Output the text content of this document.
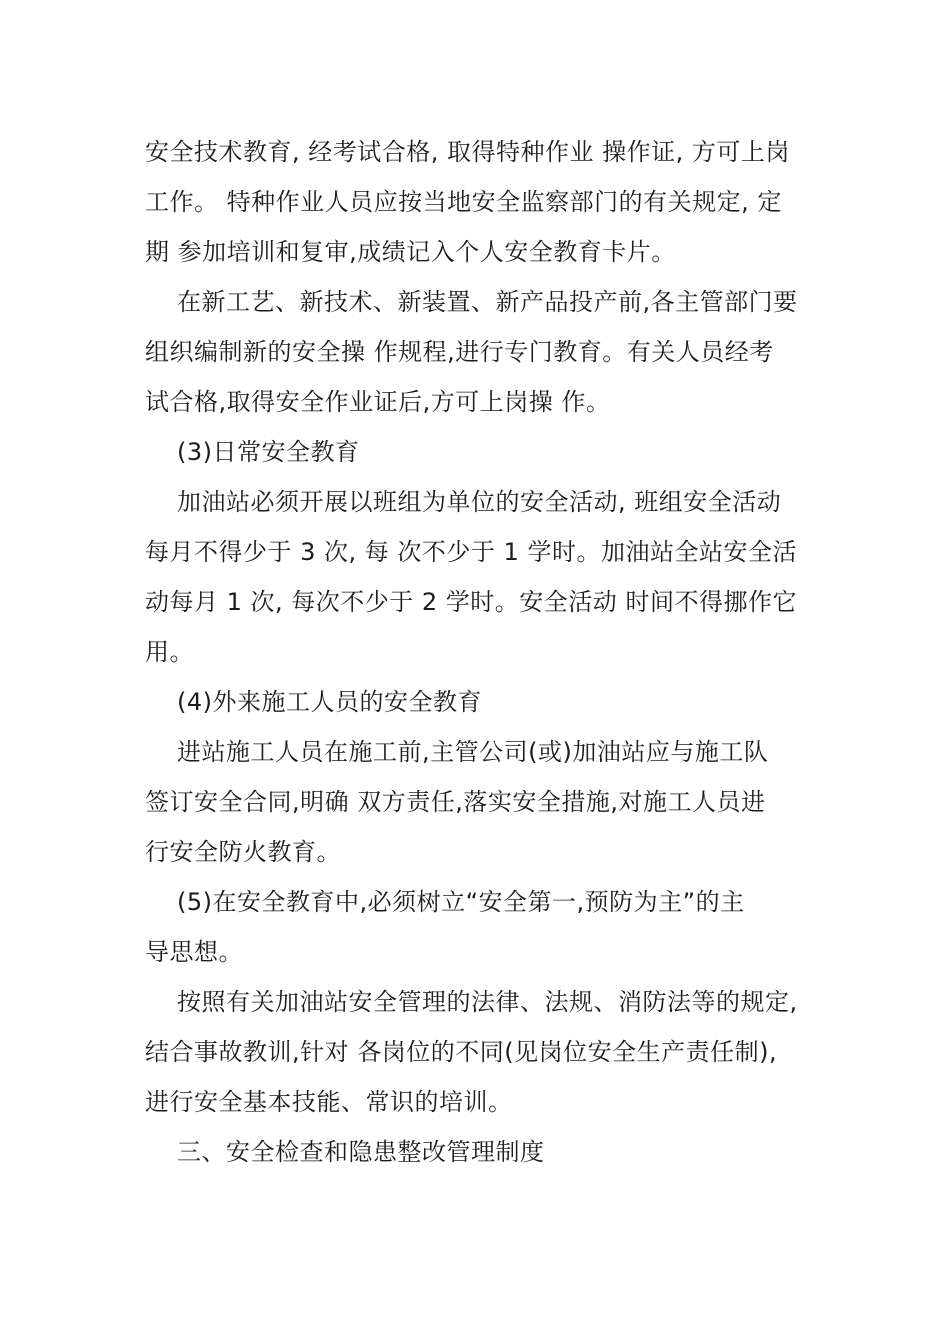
安全技术教育, 经考试合格, 取得特种作业 操作证, 方可上岗
工作。 特种作业人员应按当地安全监察部门的有关规定, 定
期 参加培训和复审,成绩记入个人安全教育卡片。
在新工艺、新技术、新装置、新产品投产前,各主管部门要
组织编制新的安全操 作规程,进行专门教育。有关人员经考
试合格,取得安全作业证后,方可上岗操 作。
(3)日常安全教育
加油站必须开展以班组为单位的安全活动, 班组安全活动
每月不得少于 3 次, 每 次不少于 1 学时。加油站全站安全活
动每月 1 次, 每次不少于 2 学时。安全活动 时间不得挪作它
用。
(4)外来施工人员的安全教育
进站施工人员在施工前,主管公司(或)加油站应与施工队
签订安全合同,明确 双方责任,落实安全措施,对施工人员进
行安全防火教育。
(5)在安全教育中,必须树立“安全第一,预防为主”的主
导思想。
按照有关加油站安全管理的法律、法规、消防法等的规定,
结合事故教训,针对 各岗位的不同(见岗位安全生产责任制),
进行安全基本技能、常识的培训。
三、安全检查和隐患整改管理制度
